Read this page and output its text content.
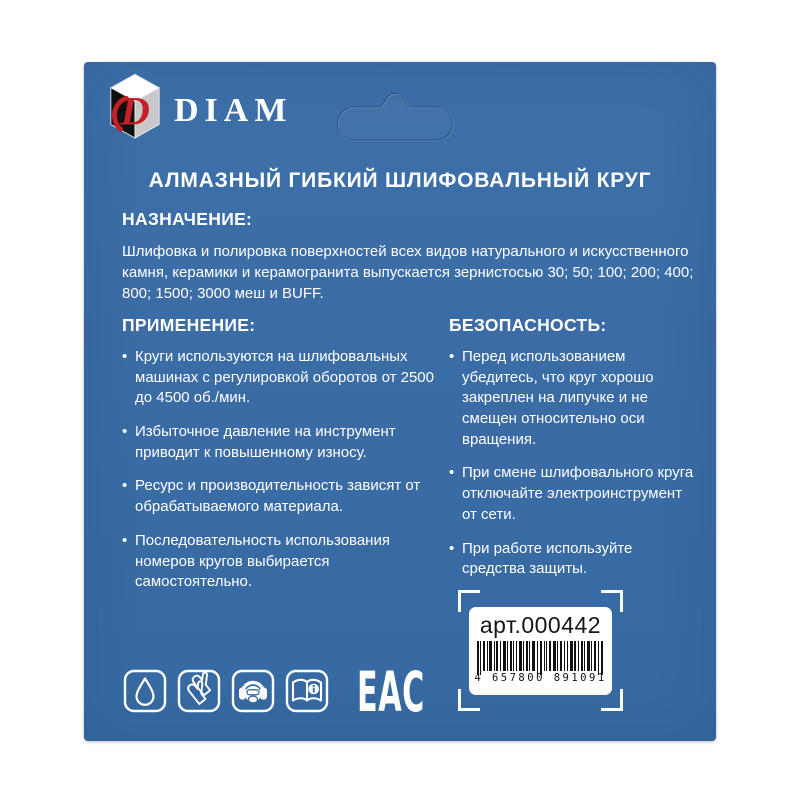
D DIAM
АЛМАЗНЫЙ ГИБКИЙ ШЛИФОВАЛЬНЫЙ КРУГ
НАЗНАЧЕНИЕ:

Шлифовка и полировка поверхностей всех видов натурального и искусственного камня, керамики и керамогранита выпускается зернистосью 30; 50; 100; 200; 400; 800; 1500; 3000 меш и BUFF.

ПРИМЕНЕНИЕ:
• Круги используются на шлифовальных машинах с регулировкой оборотов от 2500 до 4500 об./мин.
• Избыточное давление на инструмент приводит к повышенному износу.
• Ресурс и производительность зависят от обрабатываемого материала.
• Последовательность использования номеров кругов выбирается самостоятельно.
БЕЗОПАСНОСТЬ:
• Перед использованием убедитесь, что круг хорошо закреплен на липучке и не смещен относительно оси вращения.
• При смене шлифовального круга отключайте электроинструмент от сети.
• При работе используйте средства защиты.
EAC
арт.000442
4 657800 891091
